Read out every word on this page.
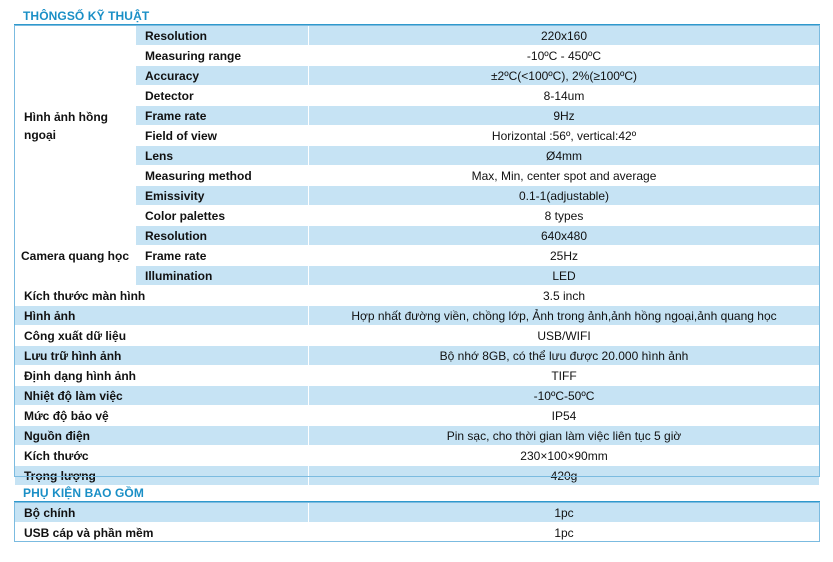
THÔNGSỐ KỸ THUẬT
Hình ảnh hồng ngoại	Resolution	220x160
	Measuring range	-10ºC - 450ºC
	Accuracy	±2ºC(<100ºC), 2%(≥100ºC)
	Detector	8-14um
	Frame rate	9Hz
	Field of view	Horizontal :56º, vertical:42º
	Lens	Ø4mm
	Measuring method	Max, Min, center spot and average
	Emissivity	0.1-1(adjustable)
	Color palettes	8 types
Camera quang học	Resolution	640x480
	Frame rate	25Hz
	Illumination	LED
Kích thước màn hình		3.5 inch
Hình ảnh		Hợp nhất đường viền, chồng lớp, Ảnh trong ảnh,ảnh hồng ngoại,ảnh quang học
Công xuất dữ liệu		USB/WIFI
Lưu trữ hình ảnh		Bộ nhớ 8GB, có thể lưu được 20.000 hình ảnh
Định dạng hình ảnh		TIFF
Nhiệt độ làm việc		-10ºC-50ºC
Mức độ bảo vệ		IP54
Nguồn điện		Pin sạc, cho thời gian làm việc liên tục 5 giờ
Kích thước		230×100×90mm
Trọng lượng		420g
PHỤ KIỆN BAO GỒM
Bộ chính	1pc
USB cáp và phần mềm	1pc
